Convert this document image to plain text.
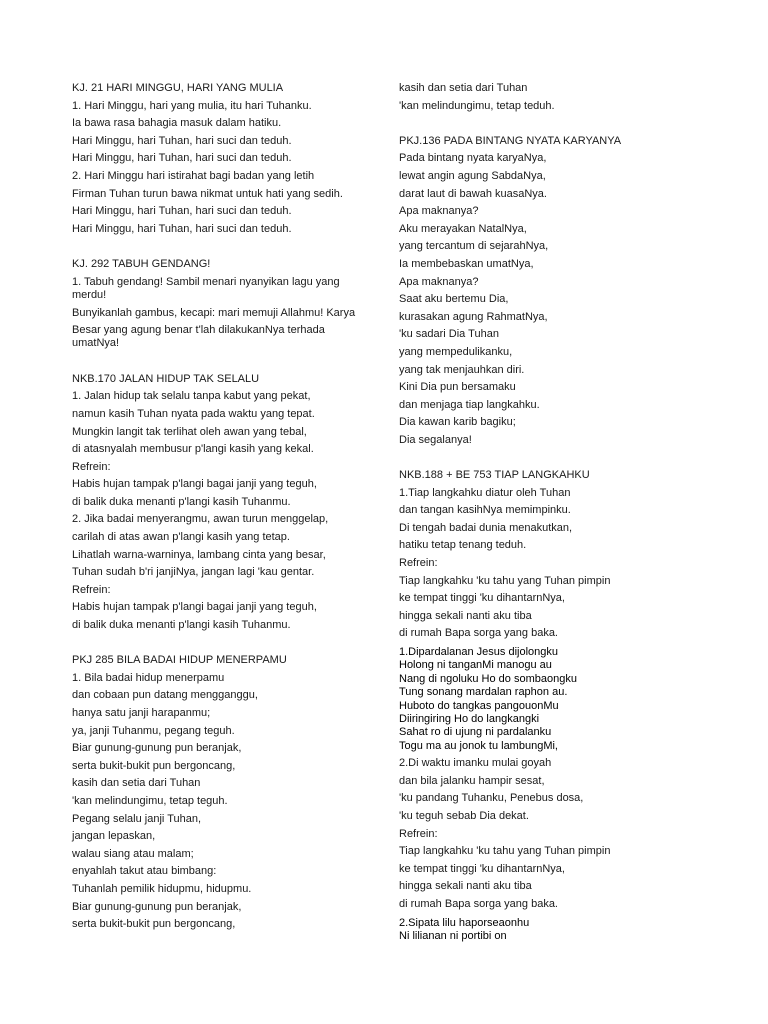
KJ. 21 HARI MINGGU, HARI YANG MULIA
1. Hari Minggu, hari yang mulia, itu hari Tuhanku.
Ia bawa rasa bahagia masuk dalam hatiku.
Hari Minggu, hari Tuhan, hari suci dan teduh.
Hari Minggu, hari Tuhan, hari suci dan teduh.
2. Hari Minggu hari istirahat bagi badan yang letih
Firman Tuhan turun bawa nikmat untuk hati yang sedih.
Hari Minggu, hari Tuhan, hari suci dan teduh.
Hari Minggu, hari Tuhan, hari suci dan teduh.
KJ. 292 TABUH GENDANG!
1. Tabuh gendang! Sambil menari nyanyikan lagu yang merdu!
Bunyikanlah gambus, kecapi: mari memuji Allahmu! Karya
Besar yang agung benar t'lah dilakukanNya terhada umatNya!
NKB.170 JALAN HIDUP TAK SELALU
1. Jalan hidup tak selalu tanpa kabut yang pekat,
namun kasih Tuhan nyata pada waktu yang tepat.
Mungkin langit tak terlihat oleh awan yang tebal,
di atasnyalah membusur p'langi kasih yang kekal.
Refrein:
Habis hujan tampak p'langi bagai janji yang teguh,
di balik duka menanti p'langi kasih Tuhanmu.
2. Jika badai menyerangmu, awan turun menggelap,
carilah di atas awan p'langi kasih yang tetap.
Lihatlah warna-warninya, lambang cinta yang besar,
Tuhan sudah b'ri janjiNya, jangan lagi 'kau gentar.
Refrein:
Habis hujan tampak p'langi bagai janji yang teguh,
di balik duka menanti p'langi kasih Tuhanmu.
PKJ 285 BILA BADAI HIDUP MENERPAMU
1. Bila badai hidup menerpamu
dan cobaan pun datang mengganggu,
hanya satu janji harapanmu;
ya, janji Tuhanmu, pegang teguh.
Biar gunung-gunung pun beranjak,
serta bukit-bukit pun bergoncang,
kasih dan setia dari Tuhan
'kan melindungimu, tetap teguh.
Pegang selalu janji Tuhan,
jangan lepaskan,
walau siang atau malam;
enyahlah takut atau bimbang:
Tuhanlah pemilik hidupmu, hidupmu.
Biar gunung-gunung pun beranjak,
serta bukit-bukit pun bergoncang,
kasih dan setia dari Tuhan
'kan melindungimu, tetap teduh.
PKJ.136 PADA BINTANG NYATA KARYANYA
Pada bintang nyata karyaNya,
lewat angin agung SabdaNya,
darat laut di bawah kuasaNya.
Apa maknanya?
Aku merayakan NatalNya,
yang tercantum di sejarahNya,
Ia membebaskan umatNya,
Apa maknanya?
Saat aku bertemu Dia,
kurasakan agung RahmatNya,
'ku sadari Dia Tuhan
yang mempedulikanku,
yang tak menjauhkan diri.
Kini Dia pun bersamaku
dan menjaga tiap langkahku.
Dia kawan karib bagiku;
Dia segalanya!
NKB.188 + BE 753 TIAP LANGKAHKU
1.Tiap langkahku diatur oleh Tuhan
dan tangan kasihNya memimpinku.
Di tengah badai dunia menakutkan,
hatiku tetap tenang teduh.
Refrein:
Tiap langkahku 'ku tahu yang Tuhan pimpin
ke tempat tinggi 'ku dihantarnNya,
hingga sekali nanti aku tiba
di rumah Bapa sorga yang baka.
1.Dipardalanan Jesus dijolongku
Holong ni tanganMi manogu au
Nang di ngoluku Ho do sombaongku
Tung sonang mardalan raphon au.
Huboto do tangkas pangouonMu
Diiringiring Ho do langkangki
Sahat ro di ujung ni pardalanku
Togu ma au jonok tu lambungMi,
2.Di waktu imanku mulai goyah
dan bila jalanku hampir sesat,
'ku pandang Tuhanku, Penebus dosa,
'ku teguh sebab Dia dekat.
Refrein:
Tiap langkahku 'ku tahu yang Tuhan pimpin
ke tempat tinggi 'ku dihantarnNya,
hingga sekali nanti aku tiba
di rumah Bapa sorga yang baka.
2.Sipata lilu haporseaonhu
Ni lilianan ni portibi on
